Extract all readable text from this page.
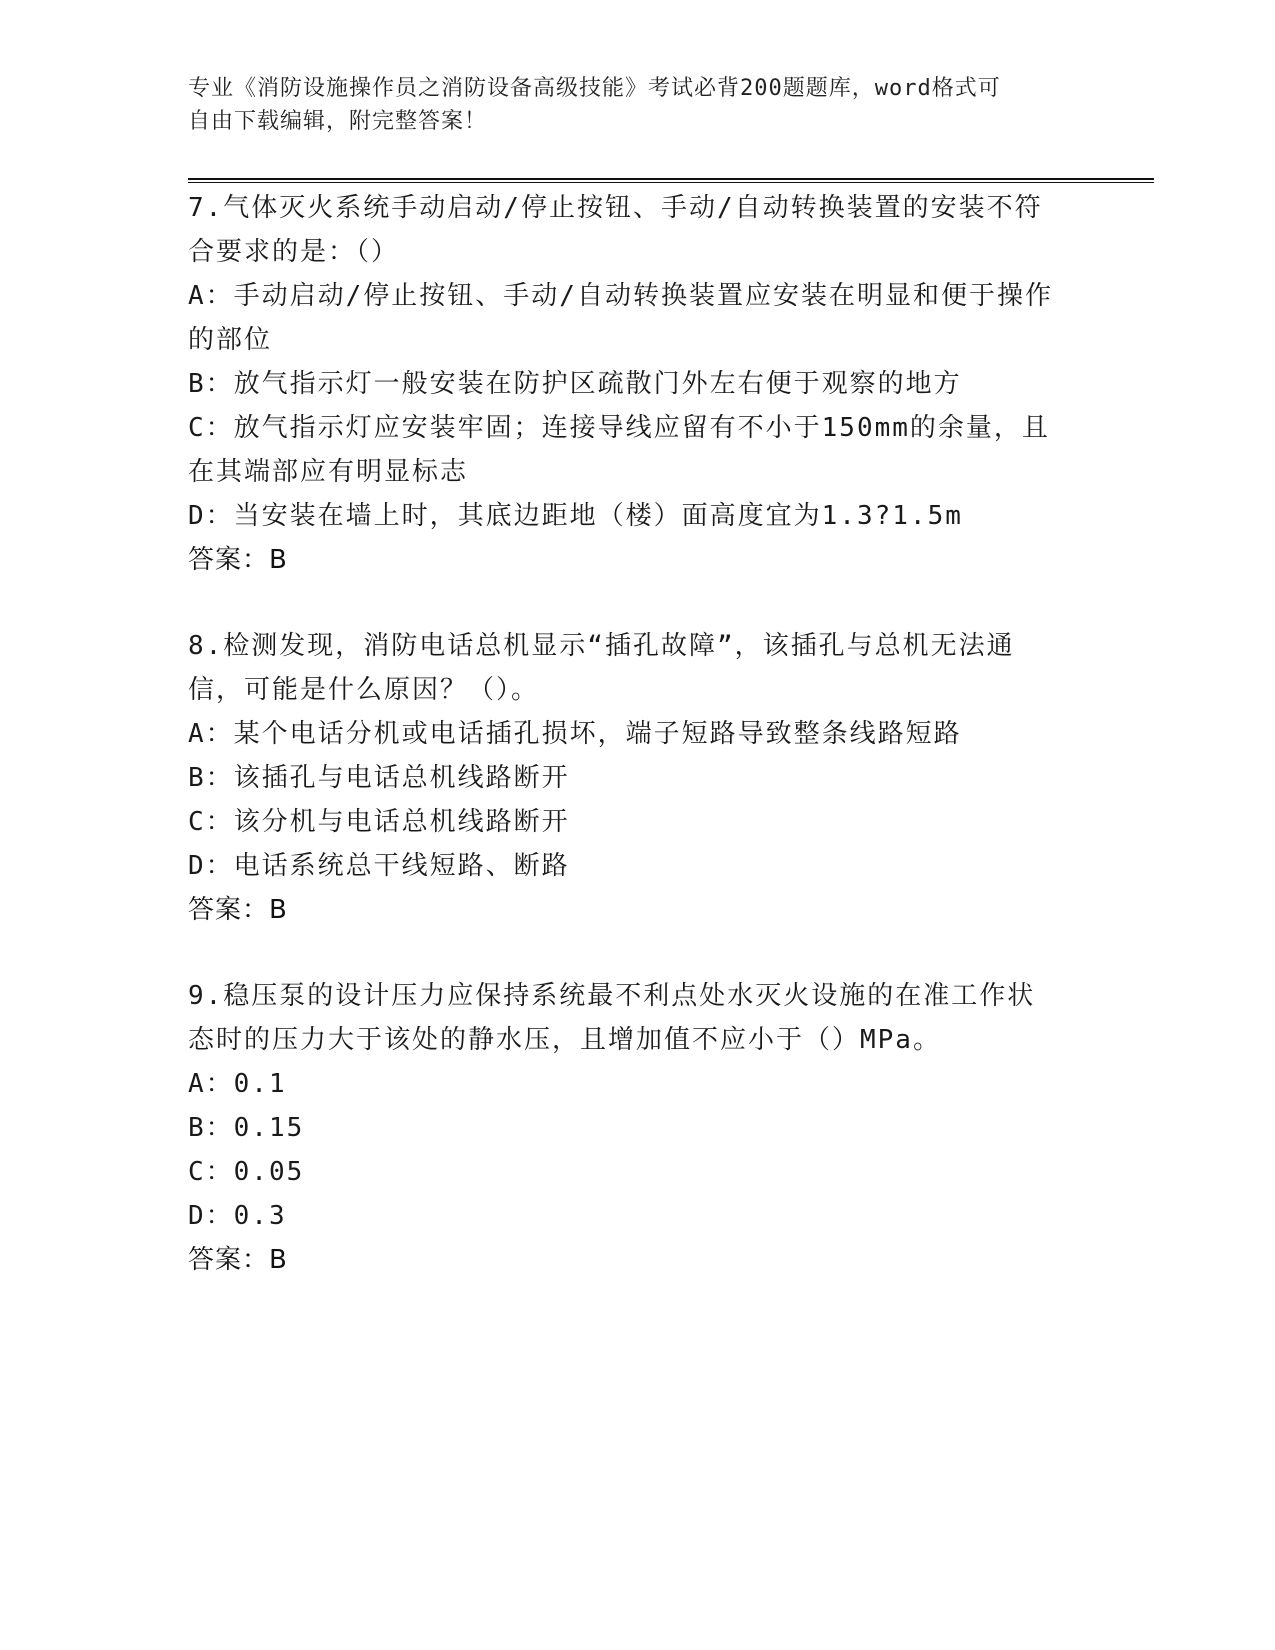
专业《消防设施操作员之消防设备高级技能》考试必背200题题库，word格式可
自由下载编辑，附完整答案！

7.气体灭火系统手动启动/停止按钮、手动/自动转换装置的安装不符

合要求的是：（）

A：手动启动/停止按钮、手动/自动转换装置应安装在明显和便于操作

的部位

B：放气指示灯一般安装在防护区疏散门外左右便于观察的地方

C：放气指示灯应安装牢固；连接导线应留有不小于150mm的余量，且

在其端部应有明显标志

D：当安装在墙上时，其底边距地（楼）面高度宜为1.3?1.5m

答案：B

8.检测发现，消防电话总机显示“插孔故障”，该插孔与总机无法通

信，可能是什么原因？（）。

A：某个电话分机或电话插孔损坏，端子短路导致整条线路短路

B：该插孔与电话总机线路断开

C：该分机与电话总机线路断开

D：电话系统总干线短路、断路

答案：B

9.稳压泵的设计压力应保持系统最不利点处水灭火设施的在准工作状

态时的压力大于该处的静水压，且增加值不应小于（）MPa。

A：0.1

B：0.15

C：0.05

D：0.3

答案：B
